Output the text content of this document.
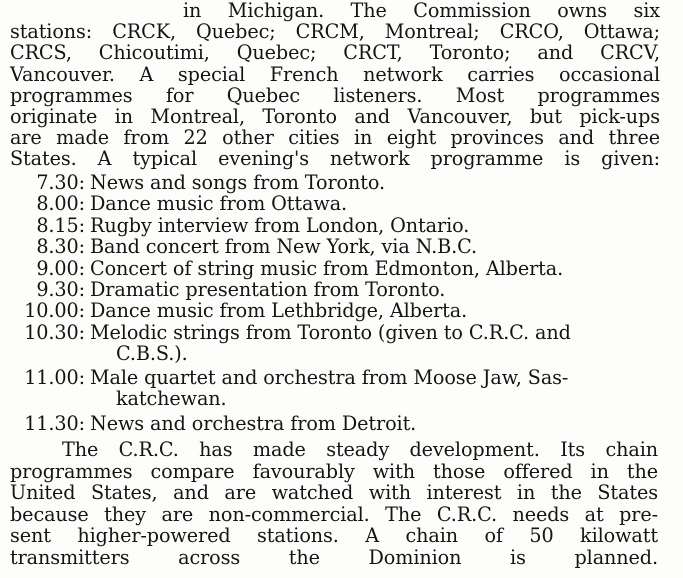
in Michigan. The Commission owns six
stations: CRCK, Quebec; CRCM, Montreal; CRCO, Ottawa;
CRCS, Chicoutimi, Quebec; CRCT, Toronto; and CRCV,
Vancouver. A special French network carries occasional
programmes for Quebec listeners. Most programmes
originate in Montreal, Toronto and Vancouver, but pick-ups
are made from 22 other cities in eight provinces and three
States. A typical evening's network programme is given:
7.30: News and songs from Toronto.
8.00: Dance music from Ottawa.
8.15: Rugby interview from London, Ontario.
8.30: Band concert from New York, via N.B.C.
9.00: Concert of string music from Edmonton, Alberta.
9.30: Dramatic presentation from Toronto.
10.00: Dance music from Lethbridge, Alberta.
10.30: Melodic strings from Toronto (given to C.R.C. and
C.B.S.).
11.00: Male quartet and orchestra from Moose Jaw, Sas-
katchewan.
11.30: News and orchestra from Detroit.
The C.R.C. has made steady development. Its chain
programmes compare favourably with those offered in the
United States, and are watched with interest in the States
because they are non-commercial. The C.R.C. needs at pre-
sent higher-powered stations. A chain of 50 kilowatt
transmitters across the Dominion is planned.
